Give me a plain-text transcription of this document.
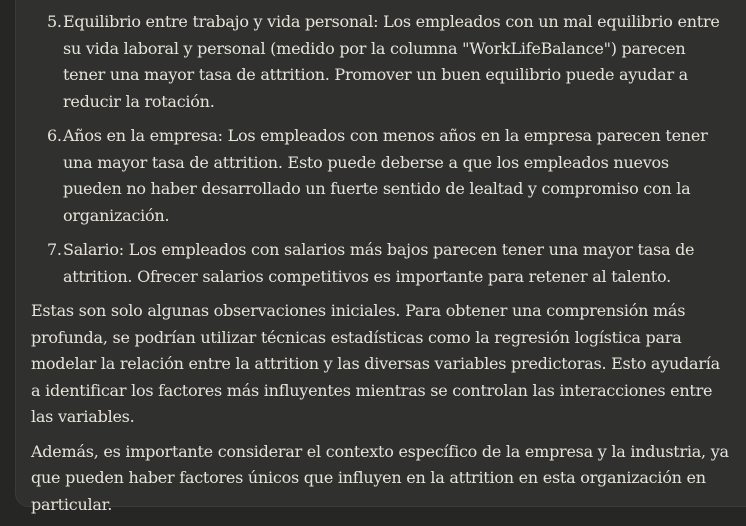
5. Equilibrio entre trabajo y vida personal: Los empleados con un mal equilibrio entre su vida laboral y personal (medido por la columna "WorkLifeBalance") parecen tener una mayor tasa de attrition. Promover un buen equilibrio puede ayudar a reducir la rotación.
6. Años en la empresa: Los empleados con menos años en la empresa parecen tener una mayor tasa de attrition. Esto puede deberse a que los empleados nuevos pueden no haber desarrollado un fuerte sentido de lealtad y compromiso con la organización.
7. Salario: Los empleados con salarios más bajos parecen tener una mayor tasa de attrition. Ofrecer salarios competitivos es importante para retener al talento.

Estas son solo algunas observaciones iniciales. Para obtener una comprensión más profunda, se podrían utilizar técnicas estadísticas como la regresión logística para modelar la relación entre la attrition y las diversas variables predictoras. Esto ayudaría a identificar los factores más influyentes mientras se controlan las interacciones entre las variables.

Además, es importante considerar el contexto específico de la empresa y la industria, ya que pueden haber factores únicos que influyen en la attrition en esta organización en particular.
